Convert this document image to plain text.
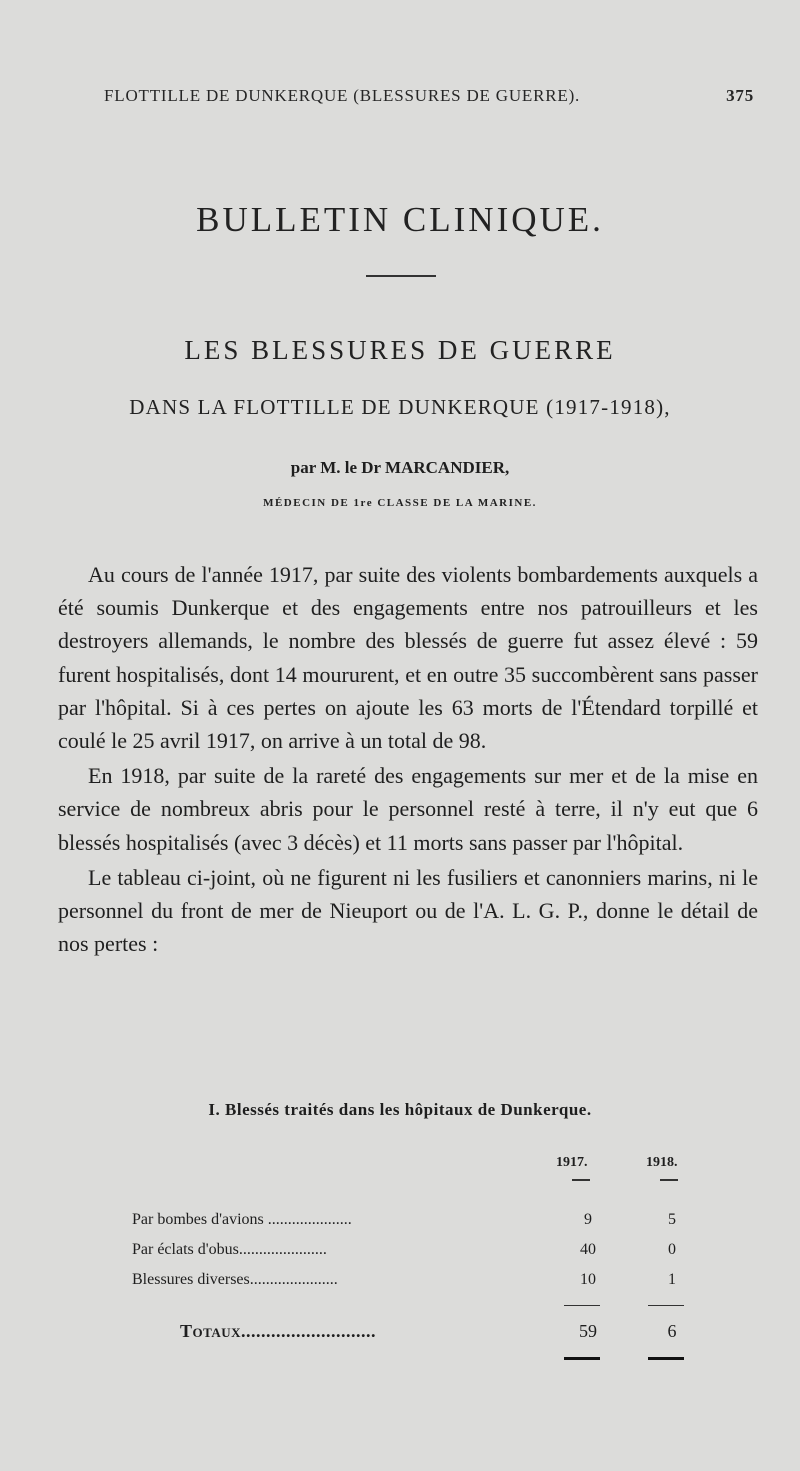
FLOTTILLE DE DUNKERQUE (BLESSURES DE GUERRE).	375
BULLETIN CLINIQUE.
LES BLESSURES DE GUERRE
DANS LA FLOTTILLE DE DUNKERQUE (1917-1918),
par M. le Dr MARCANDIER,
MÉDECIN DE 1re CLASSE DE LA MARINE.

Au cours de l'année 1917, par suite des violents bombardements auxquels a été soumis Dunkerque et des engagements entre nos patrouilleurs et les destroyers allemands, le nombre des blessés de guerre fut assez élevé : 59 furent hospitalisés, dont 14 moururent, et en outre 35 succombèrent sans passer par l'hôpital. Si à ces pertes on ajoute les 63 morts de l'Étendard torpillé et coulé le 25 avril 1917, on arrive à un total de 98.

En 1918, par suite de la rareté des engagements sur mer et de la mise en service de nombreux abris pour le personnel resté à terre, il n'y eut que 6 blessés hospitalisés (avec 3 décès) et 11 morts sans passer par l'hôpital.

Le tableau ci-joint, où ne figurent ni les fusiliers et canonniers marins, ni le personnel du front de mer de Nieuport ou de l'A. L. G. P., donne le détail de nos pertes :

I. Blessés traités dans les hôpitaux de Dunkerque.
1917.	1918.
Par bombes d'avions .....................	9	5
Par éclats d'obus......................	40	0
Blessures diverses......................	10	1
Totaux...........................	59	6
